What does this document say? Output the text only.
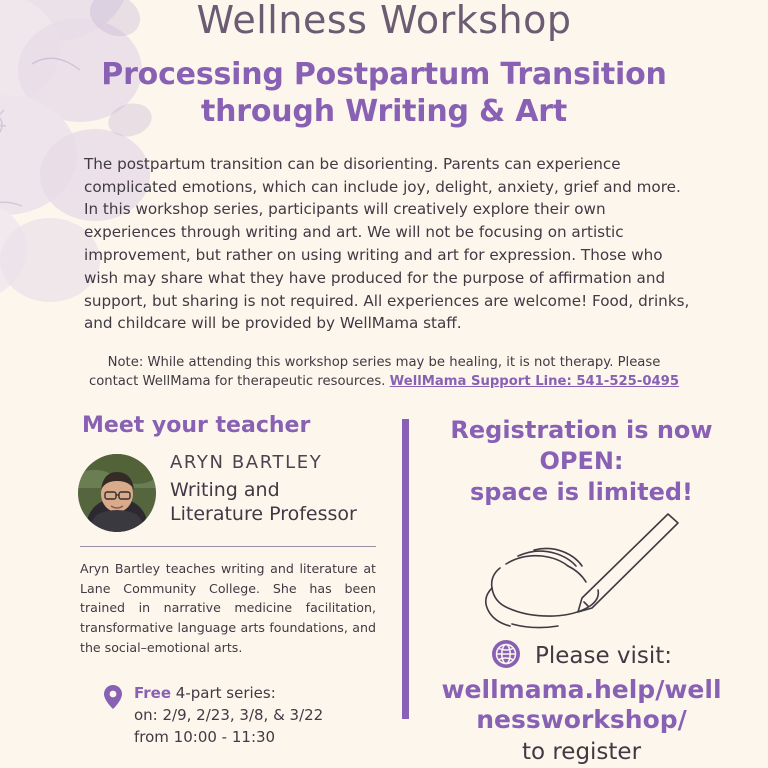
Wellness Workshop
Processing Postpartum Transition
through Writing & Art
The postpartum transition can be disorienting. Parents can experience complicated emotions, which can include joy, delight, anxiety, grief and more. In this workshop series, participants will creatively explore their own experiences through writing and art. We will not be focusing on artistic improvement, but rather on using writing and art for expression. Those who wish may share what they have produced for the purpose of affirmation and support, but sharing is not required. All experiences are welcome! Food, drinks, and childcare will be provided by WellMama staff.
Note: While attending this workshop series may be healing, it is not therapy. Please contact WellMama for therapeutic resources. WellMama Support Line: 541-525-0495
Meet your teacher
ARYN BARTLEY
Writing and
Literature Professor
Aryn Bartley teaches writing and literature at Lane Community College. She has been trained in narrative medicine facilitation, transformative language arts foundations, and the social–emotional arts.
Free 4-part series:
on: 2/9, 2/23, 3/8, & 3/22
from 10:00 - 11:30
Registration is now
OPEN:
space is limited!
Please visit:
wellmama.help/well
nessworkshop/
to register
